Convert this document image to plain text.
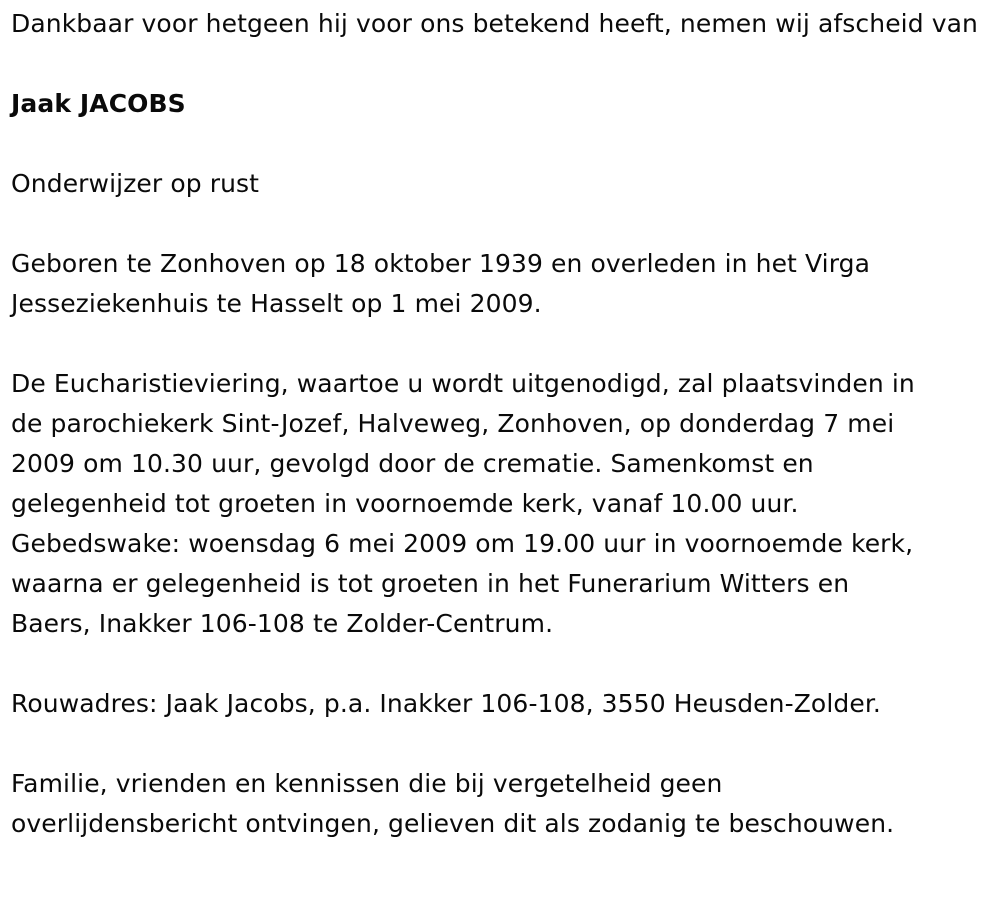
Dankbaar voor hetgeen hij voor ons betekend heeft, nemen wij afscheid van

Jaak JACOBS

Onderwijzer op rust

Geboren te Zonhoven op 18 oktober 1939 en overleden in het Virga

Jesseziekenhuis te Hasselt op 1 mei 2009.

De Eucharistieviering, waartoe u wordt uitgenodigd, zal plaatsvinden in

de parochiekerk Sint-Jozef, Halveweg, Zonhoven, op donderdag 7 mei

2009 om 10.30 uur, gevolgd door de crematie. Samenkomst en

gelegenheid tot groeten in voornoemde kerk, vanaf 10.00 uur.

Gebedswake: woensdag 6 mei 2009 om 19.00 uur in voornoemde kerk,

waarna er gelegenheid is tot groeten in het Funerarium Witters en

Baers, Inakker 106-108 te Zolder-Centrum.

Rouwadres: Jaak Jacobs, p.a. Inakker 106-108, 3550 Heusden-Zolder.

Familie, vrienden en kennissen die bij vergetelheid geen

overlijdensbericht ontvingen, gelieven dit als zodanig te beschouwen.
